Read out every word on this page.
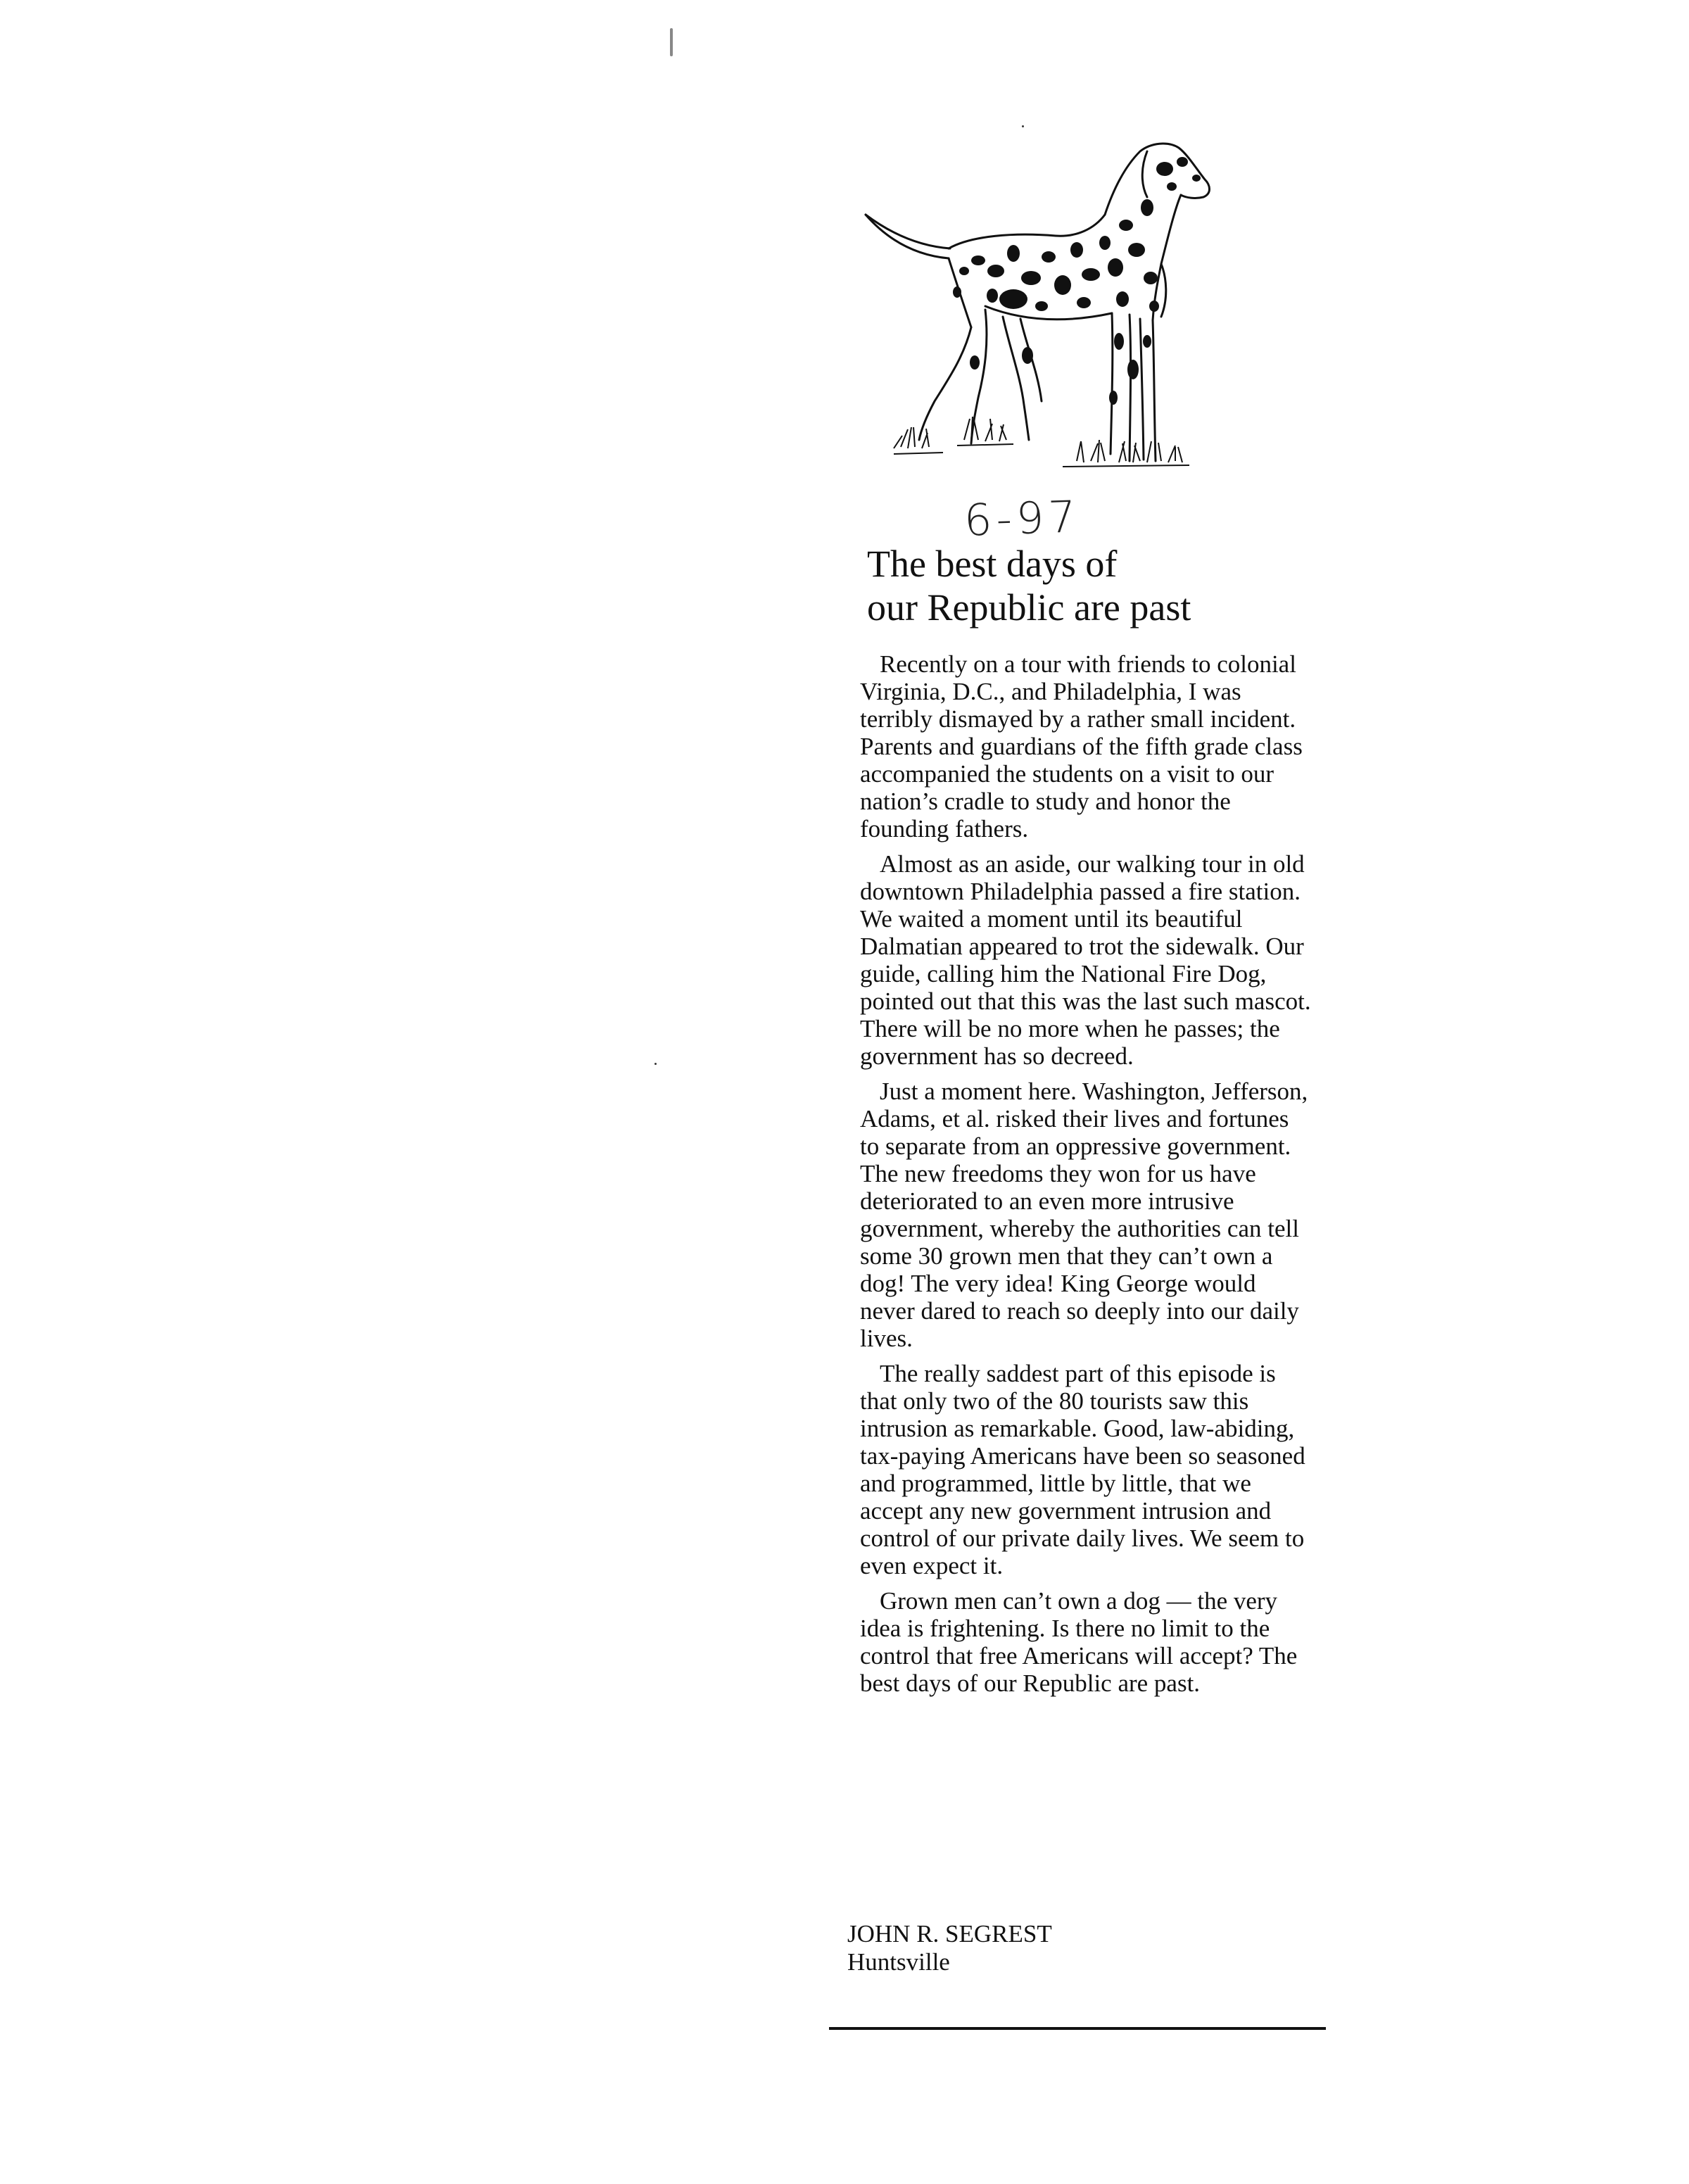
6-97
The best days of
our Republic are past

Recently on a tour with friends to colonial Virginia, D.C., and Philadelphia, I was terribly dismayed by a rather small incident. Parents and guardians of the fifth grade class accompanied the students on a visit to our nation’s cradle to study and honor the founding fathers.

Almost as an aside, our walking tour in old downtown Philadelphia passed a fire station. We waited a moment until its beautiful Dalmatian appeared to trot the sidewalk. Our guide, calling him the National Fire Dog, pointed out that this was the last such mascot. There will be no more when he passes; the government has so decreed.

Just a moment here. Washington, Jefferson, Adams, et al. risked their lives and fortunes to separate from an oppressive government. The new freedoms they won for us have deteriorated to an even more intrusive government, whereby the authorities can tell some 30 grown men that they can’t own a dog! The very idea! King George would never dared to reach so deeply into our daily lives.

The really saddest part of this episode is that only two of the 80 tourists saw this intrusion as remarkable. Good, law-abiding, tax-paying Americans have been so seasoned and programmed, little by little, that we accept any new government intrusion and control of our private daily lives. We seem to even expect it.

Grown men can’t own a dog — the very idea is frightening. Is there no limit to the control that free Americans will accept? The best days of our Republic are past.

JOHN R. SEGREST
Huntsville
